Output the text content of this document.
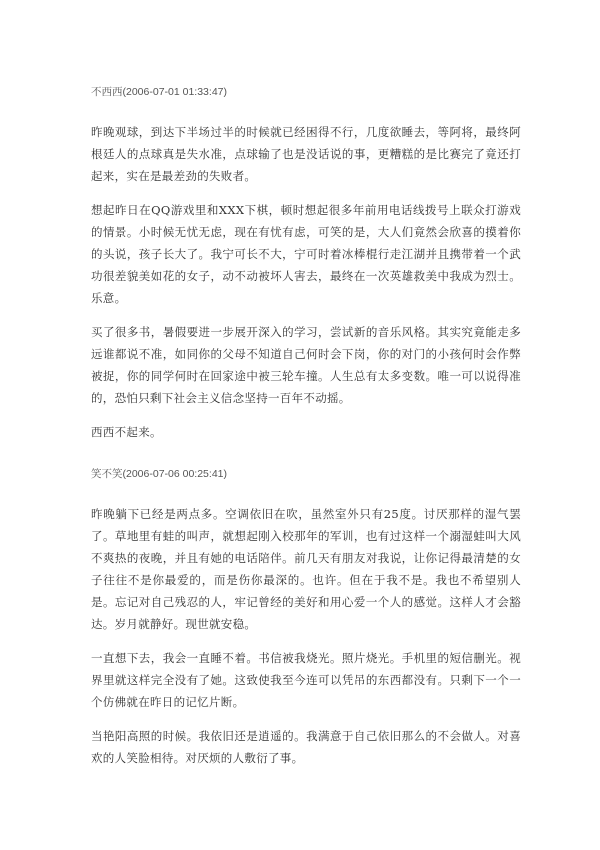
不西西(2006-07-01 01:33:47)

昨晚观球，到达下半场过半的时候就已经困得不行，几度欲睡去，等阿将，最终阿根廷人的点球真是失水准，点球输了也是没话说的事，更糟糕的是比赛完了竟还打起来，实在是最差劲的失败者。

想起昨日在QQ游戏里和XXX下棋，顿时想起很多年前用电话线拨号上联众打游戏的情景。小时候无忧无虑，现在有忧有虑，可笑的是，大人们竟然会欣喜的摸着你的头说，孩子长大了。我宁可长不大，宁可时着冰棒棍行走江湖并且携带着一个武功很差貌美如花的女子，动不动被坏人害去，最终在一次英雄救美中我成为烈士。乐意。

买了很多书，暑假要进一步展开深入的学习，尝试新的音乐风格。其实究竟能走多远谁都说不准，如同你的父母不知道自己何时会下岗，你的对门的小孩何时会作弊被捉，你的同学何时在回家途中被三轮车撞。人生总有太多变数。唯一可以说得准的，恐怕只剩下社会主义信念坚持一百年不动摇。

西西不起来。

笑不笑(2006-07-06 00:25:41)

昨晚躺下已经是两点多。空调依旧在吹，虽然室外只有25度。讨厌那样的湿气罢了。草地里有蛙的叫声，就想起刚入校那年的军训，也有过这样一个溺湿蛙叫大风不爽热的夜晚，并且有她的电话陪伴。前几天有朋友对我说，让你记得最清楚的女子往往不是你最爱的，而是伤你最深的。也许。但在于我不是。我也不希望别人是。忘记对自己残忍的人，牢记曾经的美好和用心爱一个人的感觉。这样人才会豁达。岁月就静好。现世就安稳。

一直想下去，我会一直睡不着。书信被我烧光。照片烧光。手机里的短信删光。视界里就这样完全没有了她。这致使我至今连可以凭吊的东西都没有。只剩下一个一个仿佛就在昨日的记忆片断。

当艳阳高照的时候。我依旧还是逍遥的。我满意于自己依旧那么的不会做人。对喜欢的人笑脸相待。对厌烦的人敷衍了事。
